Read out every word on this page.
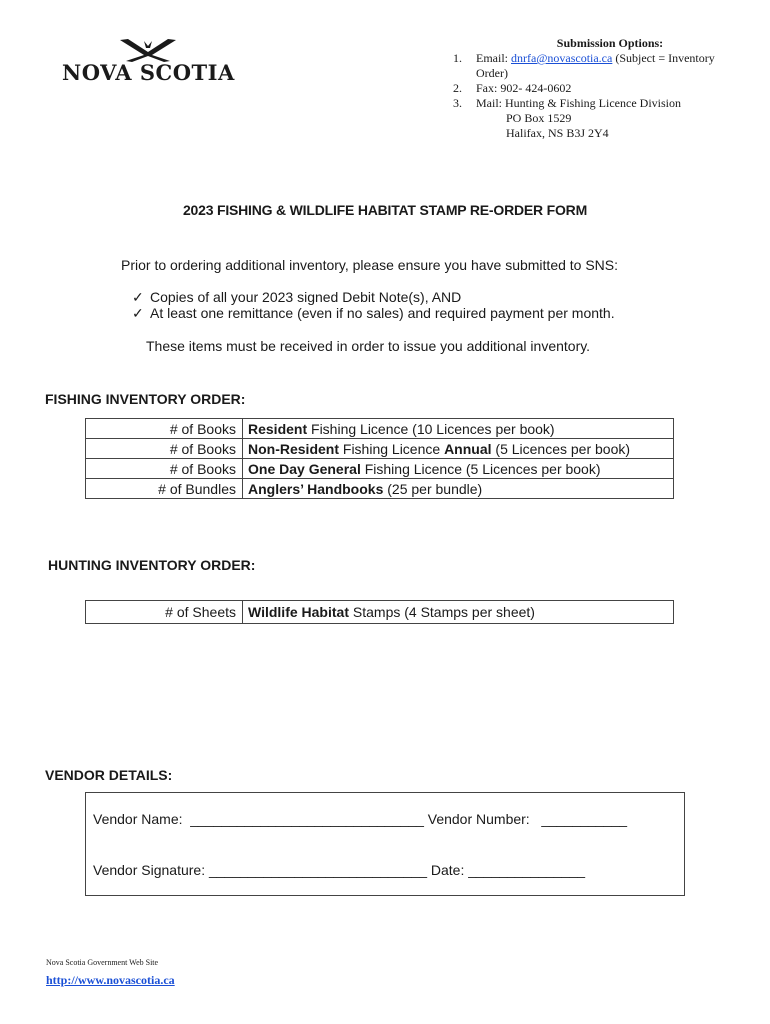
NOVA SCOTIA
Submission Options:
1. Email: dnrfa@novascotia.ca (Subject = Inventory
Order)
2. Fax: 902- 424-0602
3. Mail: Hunting & Fishing Licence Division
PO Box 1529
Halifax, NS B3J 2Y4
2023 FISHING & WILDLIFE HABITAT STAMP RE-ORDER FORM
Prior to ordering additional inventory, please ensure you have submitted to SNS:
✓ Copies of all your 2023 signed Debit Note(s), AND
✓ At least one remittance (even if no sales) and required payment per month.
These items must be received in order to issue you additional inventory.
FISHING INVENTORY ORDER:
# of Books	Resident Fishing Licence (10 Licences per book)
# of Books	Non-Resident Fishing Licence Annual (5 Licences per book)
# of Books	One Day General Fishing Licence (5 Licences per book)
# of Bundles	Anglers’ Handbooks (25 per bundle)
HUNTING INVENTORY ORDER:
# of Sheets	Wildlife Habitat Stamps (4 Stamps per sheet)
VENDOR DETAILS:
Vendor Name:  ______________________________ Vendor Number:   ___________
Vendor Signature: ____________________________ Date: _______________
Nova Scotia Government Web Site
http://www.novascotia.ca
